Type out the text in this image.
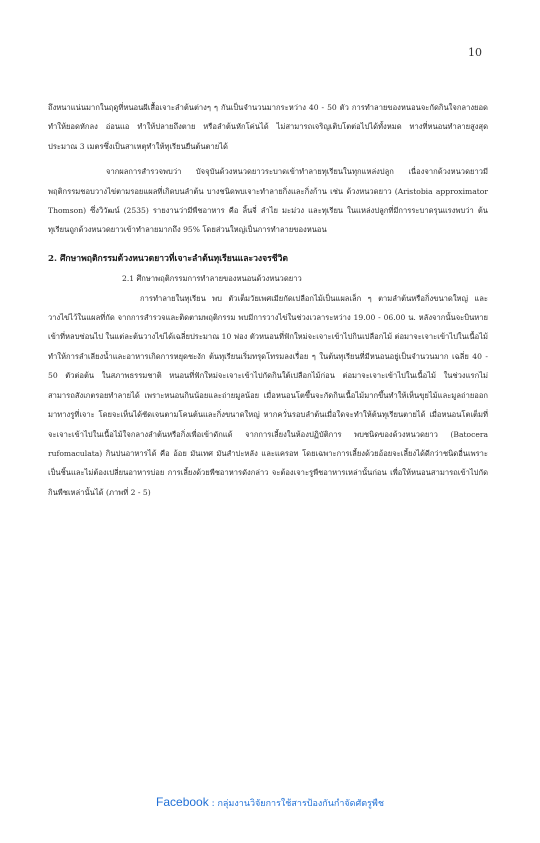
10

ถึงหนาแน่นมากในฤดูที่หนอนผีเสื้อเจาะลำต้นต่างๆ ๆ กันเป็นจำนวนมากระหว่าง 40 - 50 ตัว การทำลายของหนอนจะกัดกินใจกลางยอดทำให้ยอดหักลง อ่อนแอ ทำให้ปลายถึงตาย หรือลำต้นหักโค่นได้ ไม่สามารถเจริญเติบโตต่อไปได้ทั้งหมด ทางที่หนอนทำลายสูงสุดประมาณ 3 เมตรซึ่งเป็นสาเหตุทำให้ทุเรียนยืนต้นตายได้

จากผลการสำรวจพบว่า บัจจุบันด้วงหนวดยาวระบาดเข้าทำลายทุเรียนในทุกแหล่งปลูก เนื่องจากด้วงหนวดยาวมีพฤติกรรมชอบวางไข่ตามรอยแผลที่เกิดบนลำต้น บางชนิดพบเจาะทำลายกิ่งและกิ่งก้าน เช่น ด้วงหนวดยาว (Aristobia approximator Thomson) ซึ่งวิวัฒน์ (2535) รายงานว่ามีพืชอาหาร คือ ลิ้นจี่ ลำไย มะม่วง และทุเรียน ในแหล่งปลูกที่มีการระบาดรุนแรงพบว่า ต้นทุเรียนถูกด้วงหนวดยาวเข้าทำลายมากถึง 95% โดยส่วนใหญ่เป็นการทำลายของหนอน

2. ศึกษาพฤติกรรมด้วงหนวดยาวที่เจาะลำต้นทุเรียนและวงจรชีวิต

2.1 ศึกษาพฤติกรรมการทำลายของหนอนด้วงหนวดยาว

การทำลายในทุเรียน พบ ตัวเต็มวัยเพศเมียกัดเปลือกไม้เป็นแผลเล็ก ๆ ตามลำต้นหรือกิ่งขนาดใหญ่ และวางไข่ไว้ในแผลที่กัด จากการสำรวจและติดตามพฤติกรรม พบมีการวางไข่ในช่วงเวลาระหว่าง 19.00 - 06.00 น. หลังจากนั้นจะบินหายเข้าที่หลบซ่อนไป ในแต่ละต้นวางไข่ได้เฉลี่ยประมาณ 10 ฟอง ตัวหนอนที่ฟักใหม่จะเจาะเข้าไปกินเปลือกไม้ ต่อมาจะเจาะเข้าไปในเนื้อไม้ ทำให้การลำเลียงน้ำและอาหารเกิดการหยุดชะงัก ต้นทุเรียนเริ่มทรุดโทรมลงเรื่อย ๆ ในต้นทุเรียนที่มีหนอนอยู่เป็นจำนวนมาก เฉลี่ย 40 - 50 ตัวต่อต้น ในสภาพธรรมชาติ หนอนที่ฟักใหม่จะเจาะเข้าไปกัดกินใต้เปลือกไม้ก่อน ต่อมาจะเจาะเข้าไปในเนื้อไม้ ในช่วงแรกไม่สามารถสังเกตรอยทำลายได้ เพราะหนอนกินน้อยและถ่ายมูลน้อย เมื่อหนอนโตขึ้นจะกัดกินเนื้อไม้มากขึ้นทำให้เห็นขุยไม้และมูลถ่ายออกมาทางรูที่เจาะ โดยจะเห็นได้ชัดเจนตามโคนต้นและกิ่งขนาดใหญ่ หากควั่นรอบลำต้นเมื่อใดจะทำให้ต้นทุเรียนตายได้ เมื่อหนอนโตเต็มที่จะเจาะเข้าไปในเนื้อไม้ใจกลางลำต้นหรือกิ่งเพื่อเข้าดักแด้ จากการเลี้ยงในห้องปฏิบัติการ พบชนิดของด้วงหนวดยาว (Batocera rufomaculata) กินปนอาหารได้ คือ อ้อย มันเทศ มันสำปะหลัง และแครอท โดยเฉพาะการเลี้ยงด้วยอ้อยจะเลี้ยงได้ดีกว่าชนิดอื่นเพราะเป็นชิ้นและไม่ต้องเปลี่ยนอาหารบ่อย การเลี้ยงด้วยพืชอาหารดังกล่าว จะต้องเจาะรูพืชอาหารเหล่านั้นก่อน เพื่อให้หนอนสามารถเข้าไปกัดกินพืชเหล่านั้นได้ (ภาพที่ 2 - 5)

Facebook : กลุ่มงานวิจัยการใช้สารป้องกันกำจัดศัตรูพืช
